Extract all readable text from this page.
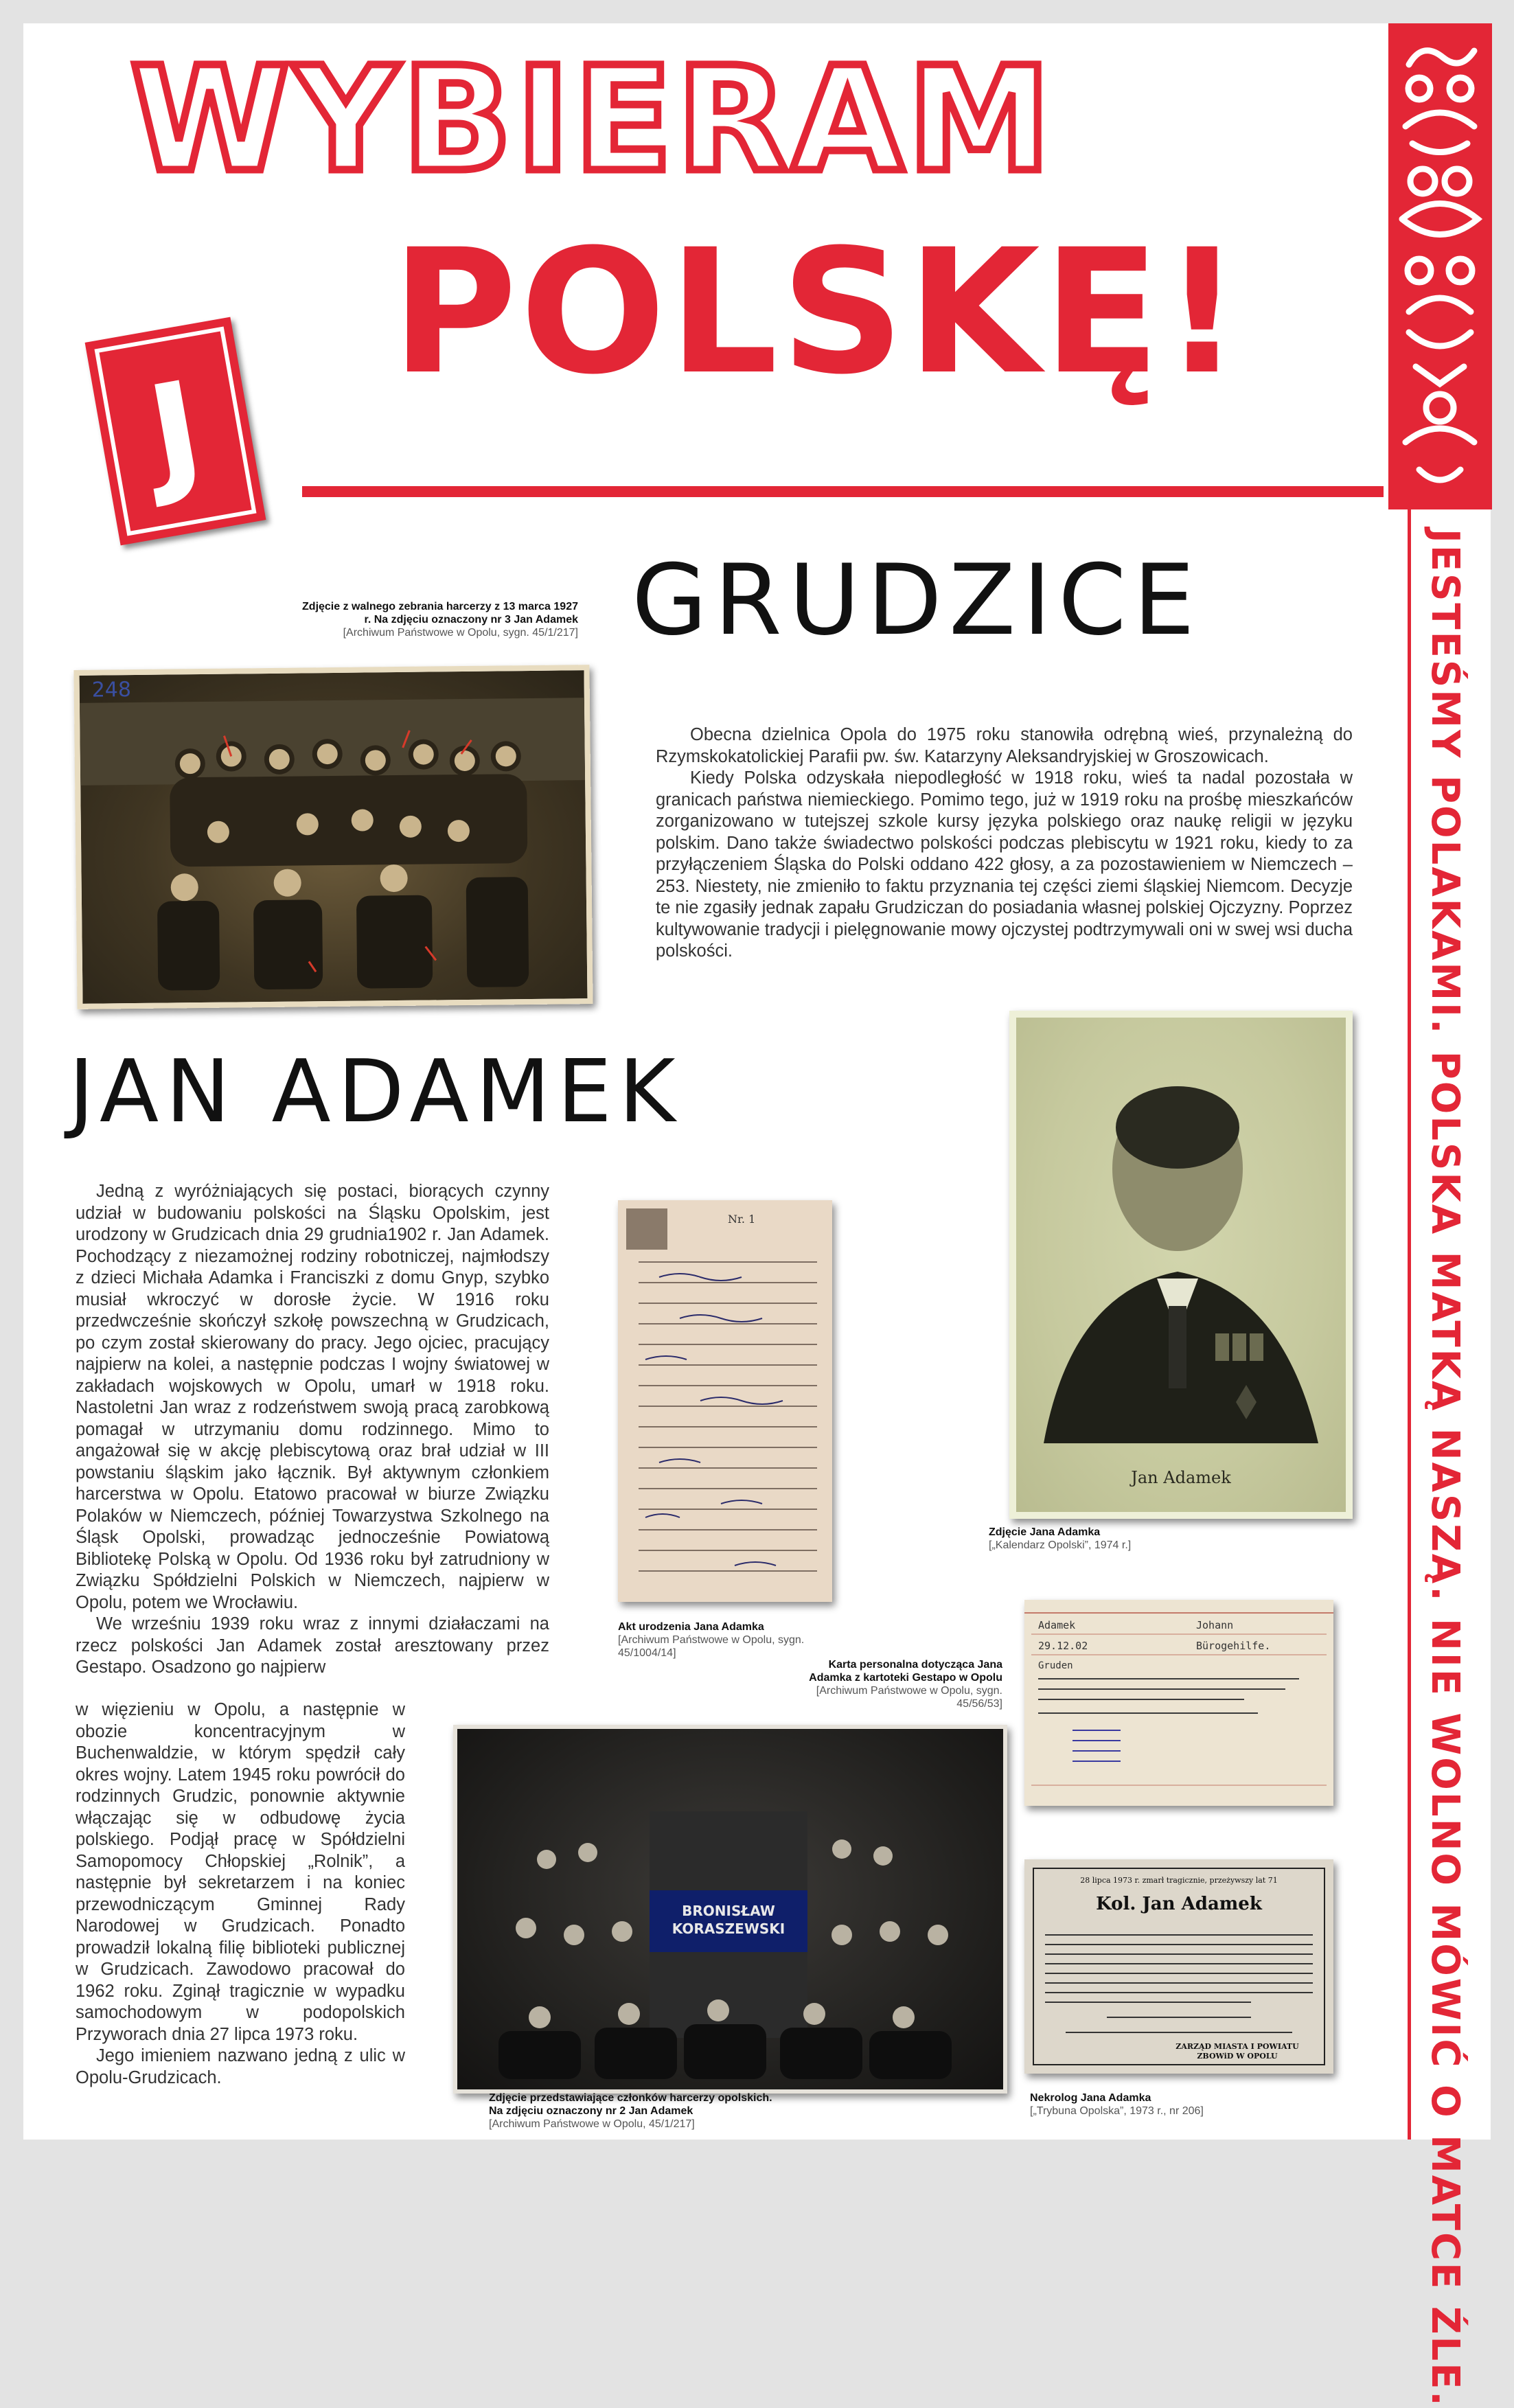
JESTEŚMY POLAKAMI. POLSKA MATKĄ NASZĄ. NIE WOLNO MÓWIĆ O MATCE ŹLE.
WYBIERAM
POLSKĘ!
J
GRUDZICE

Obecna dzielnica Opola do 1975 roku stanowiła odrębną wieś, przynależną do Rzymskokatolickiej Parafii pw. św. Katarzyny Aleksandryjskiej w Groszowicach.

Kiedy Polska odzyskała niepodległość w 1918 roku, wieś ta nadal pozostała w granicach państwa niemieckiego. Pomimo tego, już w 1919 roku na prośbę mieszkańców zorganizowano w tutejszej szkole kursy języka polskiego oraz naukę religii w języku polskim. Dano także świadectwo polskości podczas plebiscytu w 1921 roku, kiedy to za przyłączeniem Śląska do Polski oddano 422 głosy, a za pozostawieniem w Niemczech – 253. Niestety, nie zmieniło to faktu przyznania tej części ziemi śląskiej Niemcom. Decyzje te nie zgasiły jednak zapału Grudziczan do posiadania własnej polskiej Ojczyzny. Poprzez kultywowanie tradycji i pielęgnowanie mowy ojczystej podtrzymywali oni w swej wsi ducha polskości.

Zdjęcie z walnego zebrania harcerzy z 13 marca 1927 r. Na zdjęciu oznaczony nr 3 Jan Adamek
[Archiwum Państwowe w Opolu, sygn. 45/1/217]
248
JAN ADAMEK

Jedną z wyróżniających się postaci, biorących czynny udział w budowaniu polskości na Śląsku Opolskim, jest urodzony w Grudzicach dnia 29 grudnia1902 r. Jan Adamek. Pochodzący z niezamożnej rodziny robotniczej, najmłodszy z dzieci Michała Adamka i Franciszki z domu Gnyp, szybko musiał wkroczyć w dorosłe życie. W 1916 roku przedwcześnie skończył szkołę powszechną w Grudzicach, po czym został skierowany do pracy. Jego ojciec, pracujący najpierw na kolei, a następnie podczas I wojny światowej w zakładach wojskowych w Opolu, umarł w 1918 roku. Nastoletni Jan wraz z rodzeństwem swoją pracą zarobkową pomagał w utrzymaniu domu rodzinnego. Mimo to angażował się w akcję plebiscytową oraz brał udział w III powstaniu śląskim jako łącznik. Był aktywnym członkiem harcerstwa w Opolu. Etatowo pracował w biurze Związku Polaków w Niemczech, później Towarzystwa Szkolnego na Śląsk Opolski, prowadząc jednocześnie Powiatową Bibliotekę Polską w Opolu. Od 1936 roku był zatrudniony w Związku Spółdzielni Polskich w Niemczech, najpierw w Opolu, potem we Wrocławiu.

We wrześniu 1939 roku wraz z innymi działaczami na rzecz polskości Jan Adamek został aresztowany przez Gestapo. Osadzono go najpierw

w więzieniu w Opolu, a następnie w obozie koncentracyjnym w Buchenwaldzie, w którym spędził cały okres wojny. Latem 1945 roku powrócił do rodzinnych Grudzic, ponownie aktywnie włączając się w odbudowę życia polskiego. Podjął pracę w Spółdzielni Samopomocy Chłopskiej „Rolnik”, a następnie był sekretarzem i na koniec przewodniczącym Gminnej Rady Narodowej w Grudzicach. Ponadto prowadził lokalną filię biblioteki publicznej w Grudzicach. Zawodowo pracował do 1962 roku. Zginął tragicznie w wypadku samochodowym w podopolskich Przyworach dnia 27 lipca 1973 roku.

Jego imieniem nazwano jedną z ulic w Opolu-Grudzicach.

Nr. 1
Akt urodzenia Jana Adamka
[Archiwum Państwowe w Opolu, sygn. 45/1004/14]
Jan Adamek
Zdjęcie Jana Adamka
[„Kalendarz Opolski”, 1974 r.]
Karta personalna dotycząca Jana Adamka z kartoteki Gestapo w Opolu
[Archiwum Państwowe w Opolu, sygn. 45/56/53]
Adamek	Johann
29.12.02	Bürogehilfe.
Gruden
BRONISŁAW KORASZEWSKI
Zdjęcie przedstawiające członków harcerzy opolskich. Na zdjęciu oznaczony nr 2 Jan Adamek
[Archiwum Państwowe w Opolu, 45/1/217]
28 lipca 1973 r. zmarł tragicznie, przeżywszy lat 71
Kol. Jan Adamek
ZARZĄD MIASTA I POWIATU ZBOWiD W OPOLU
Nekrolog Jana Adamka
[„Trybuna Opolska”, 1973 r., nr 206]
